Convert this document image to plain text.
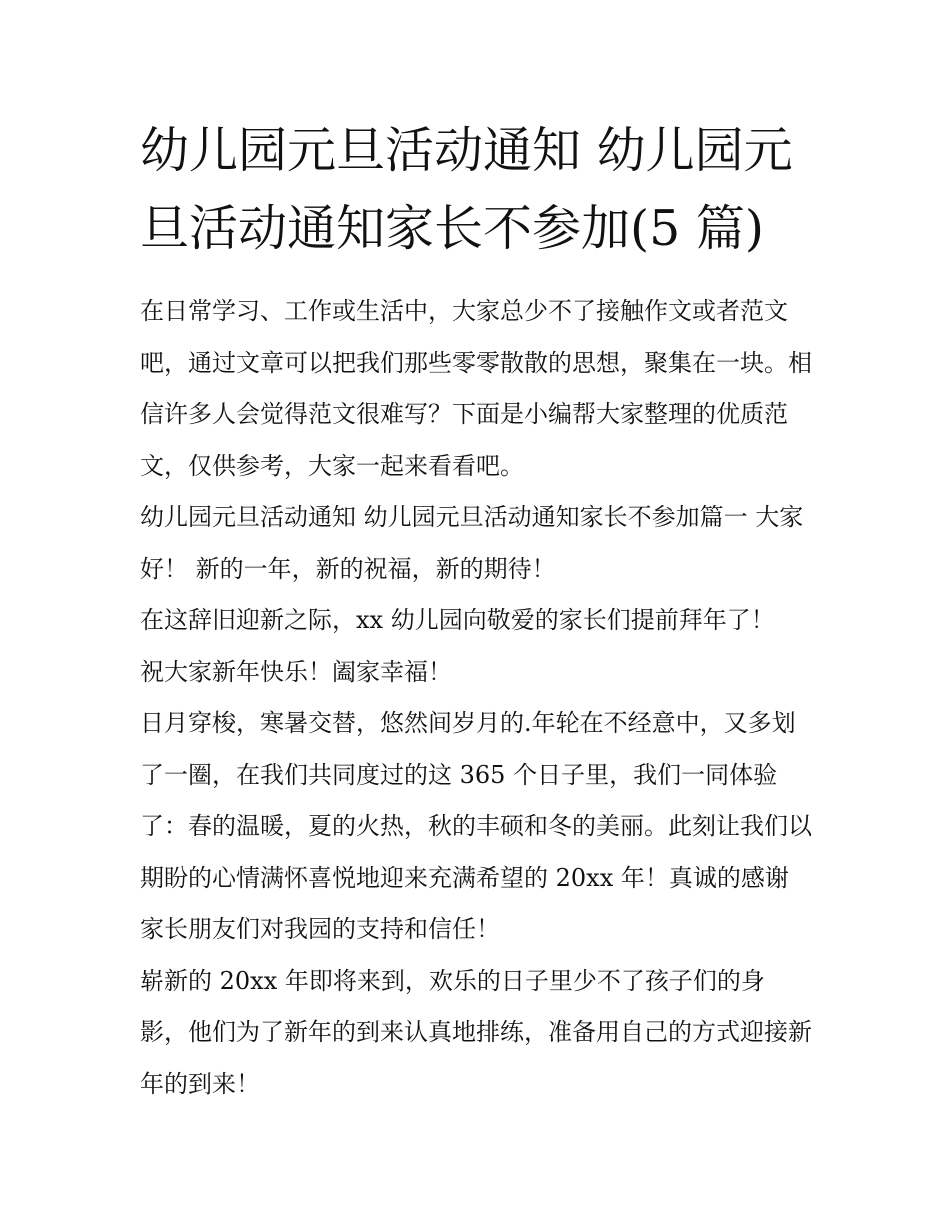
幼儿园元旦活动通知 幼儿园元旦活动通知家长不参加(5 篇)

在日常学习、工作或生活中，大家总少不了接触作文或者范文吧，通过文章可以把我们那些零零散散的思想，聚集在一块。相信许多人会觉得范文很难写？下面是小编帮大家整理的优质范文，仅供参考，大家一起来看看吧。

幼儿园元旦活动通知 幼儿园元旦活动通知家长不参加篇一 大家好！ 新的一年，新的祝福，新的期待！

在这辞旧迎新之际，xx 幼儿园向敬爱的家长们提前拜年了！

祝大家新年快乐！阖家幸福！

日月穿梭，寒暑交替，悠然间岁月的.年轮在不经意中，又多划了一圈，在我们共同度过的这 365 个日子里，我们一同体验了：春的温暖，夏的火热，秋的丰硕和冬的美丽。此刻让我们以期盼的心情满怀喜悦地迎来充满希望的 20xx 年！真诚的感谢家长朋友们对我园的支持和信任！

崭新的 20xx 年即将来到，欢乐的日子里少不了孩子们的身影，他们为了新年的到来认真地排练，准备用自己的方式迎接新年的到来！
